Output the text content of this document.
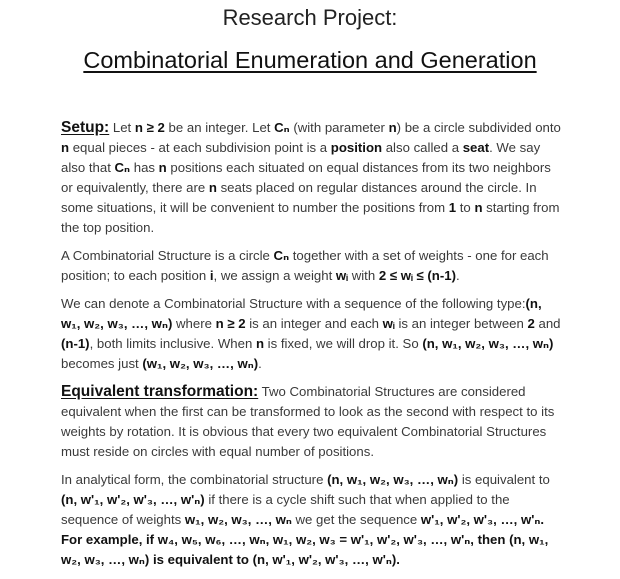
Research Project:
Combinatorial Enumeration and Generation

Setup: Let n ≥ 2 be an integer. Let Cₙ (with parameter n) be a circle subdivided onto n equal pieces - at each subdivision point is a position also called a seat. We say also that Cₙ has n positions each situated on equal distances from its two neighbors or equivalently, there are n seats placed on regular distances around the circle. In some situations, it will be convenient to number the positions from 1 to n starting from the top position.

A Combinatorial Structure is a circle Cₙ together with a set of weights - one for each position; to each position i, we assign a weight wᵢ with 2 ≤ wᵢ ≤ (n-1).

We can denote a Combinatorial Structure with a sequence of the following type:(n, w₁, w₂, w₃, …, wₙ) where n ≥ 2 is an integer and each wᵢ is an integer between 2 and (n-1), both limits inclusive. When n is fixed, we will drop it. So (n, w₁, w₂, w₃, …, wₙ) becomes just (w₁, w₂, w₃, …, wₙ).

Equivalent transformation: Two Combinatorial Structures are considered equivalent when the first can be transformed to look as the second with respect to its weights by rotation. It is obvious that every two equivalent Combinatorial Structures must reside on circles with equal number of positions.

In analytical form, the combinatorial structure (n, w₁, w₂, w₃, …, wₙ) is equivalent to (n, w'₁, w'₂, w'₃, …, w'ₙ) if there is a cycle shift such that when applied to the sequence of weights w₁, w₂, w₃, …, wₙ we get the sequence w'₁, w'₂, w'₃, …, w'ₙ. For example, if w₄, w₅, w₆, …, wₙ, w₁, w₂, w₃ = w'₁, w'₂, w'₃, …, w'ₙ, then (n, w₁, w₂, w₃, …, wₙ) is equivalent to (n, w'₁, w'₂, w'₃, …, w'ₙ).
